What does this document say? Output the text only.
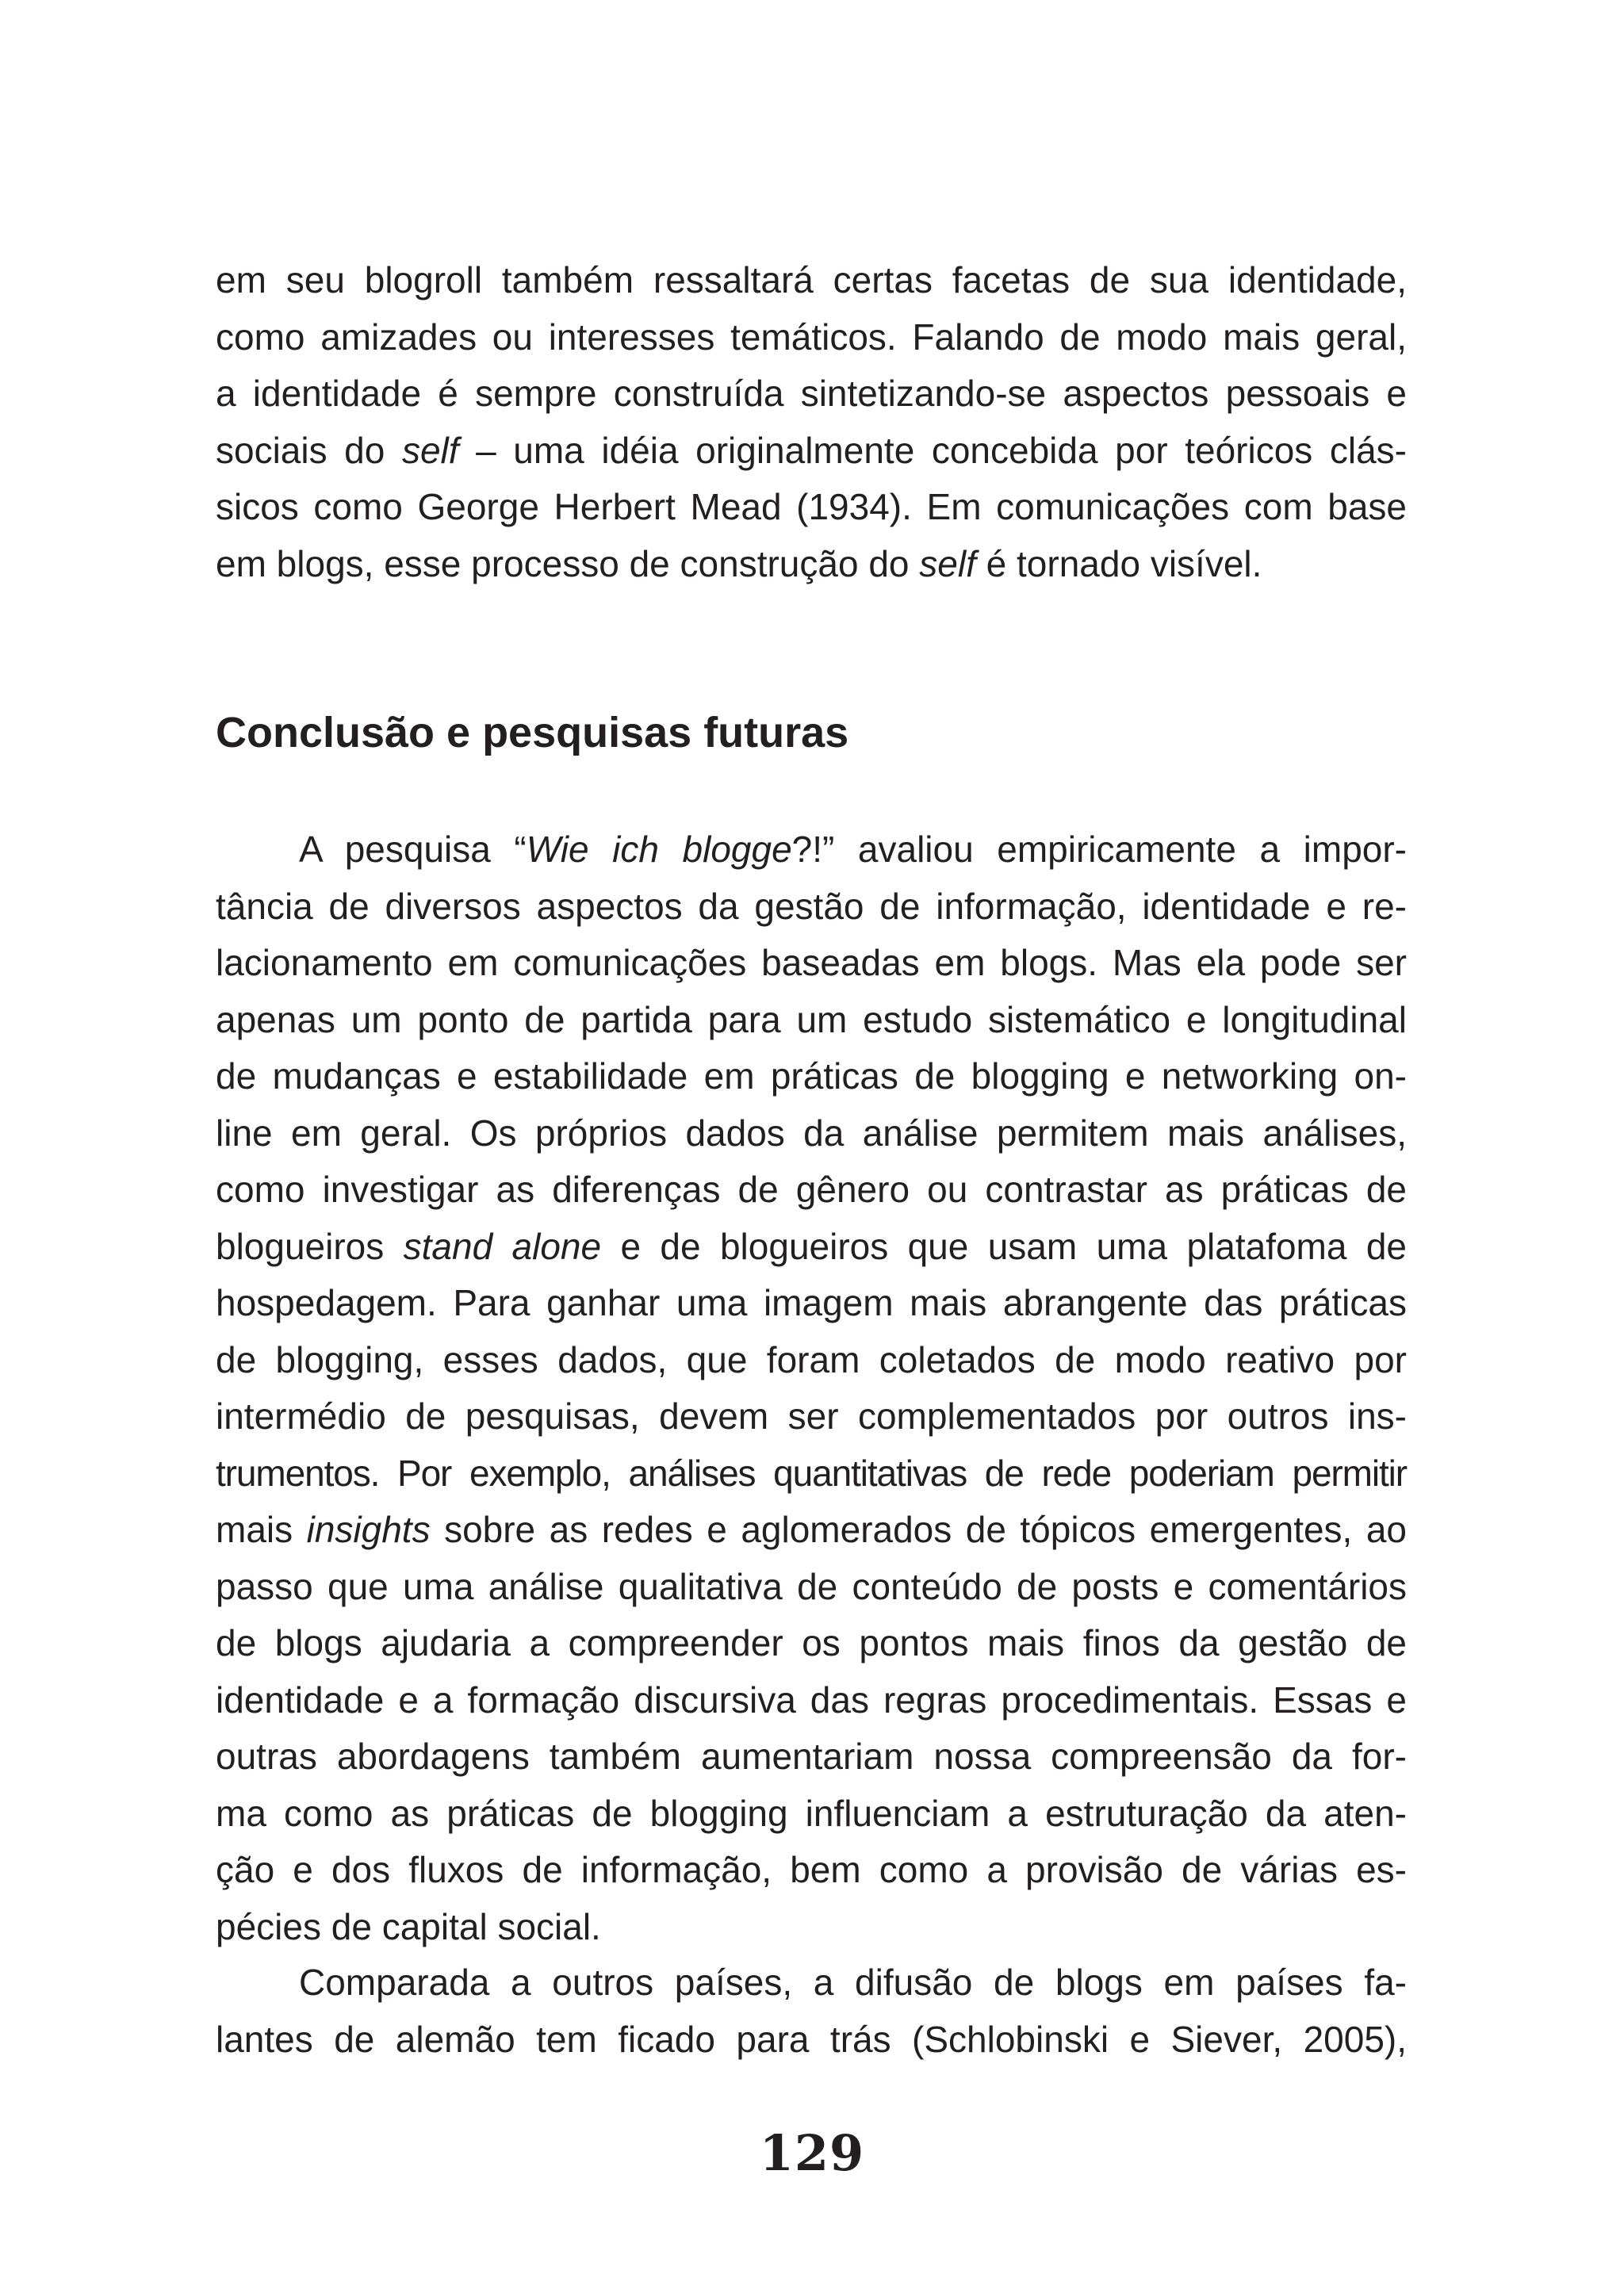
em seu blogroll também ressaltará certas facetas de sua identidade,
como amizades ou interesses temáticos. Falando de modo mais geral,
a identidade é sempre construída sintetizando-se aspectos pessoais e
sociais do self – uma idéia originalmente concebida por teóricos clás-
sicos como George Herbert Mead (1934). Em comunicações com base
em blogs, esse processo de construção do self é tornado visível.
Conclusão e pesquisas futuras
A pesquisa “Wie ich blogge?!” avaliou empiricamente a impor-
tância de diversos aspectos da gestão de informação, identidade e re-
lacionamento em comunicações baseadas em blogs. Mas ela pode ser
apenas um ponto de partida para um estudo sistemático e longitudinal
de mudanças e estabilidade em práticas de blogging e networking on-
line em geral. Os próprios dados da análise permitem mais análises,
como investigar as diferenças de gênero ou contrastar as práticas de
blogueiros stand alone e de blogueiros que usam uma platafoma de
hospedagem. Para ganhar uma imagem mais abrangente das práticas
de blogging, esses dados, que foram coletados de modo reativo por
intermédio de pesquisas, devem ser complementados por outros ins-
trumentos. Por exemplo, análises quantitativas de rede poderiam permitir
mais insights sobre as redes e aglomerados de tópicos emergentes, ao
passo que uma análise qualitativa de conteúdo de posts e comentários
de blogs ajudaria a compreender os pontos mais finos da gestão de
identidade e a formação discursiva das regras procedimentais. Essas e
outras abordagens também aumentariam nossa compreensão da for-
ma como as práticas de blogging influenciam a estruturação da aten-
ção e dos fluxos de informação, bem como a provisão de várias es-
pécies de capital social.
Comparada a outros países, a difusão de blogs em países fa-
lantes de alemão tem ficado para trás (Schlobinski e Siever, 2005),
129
